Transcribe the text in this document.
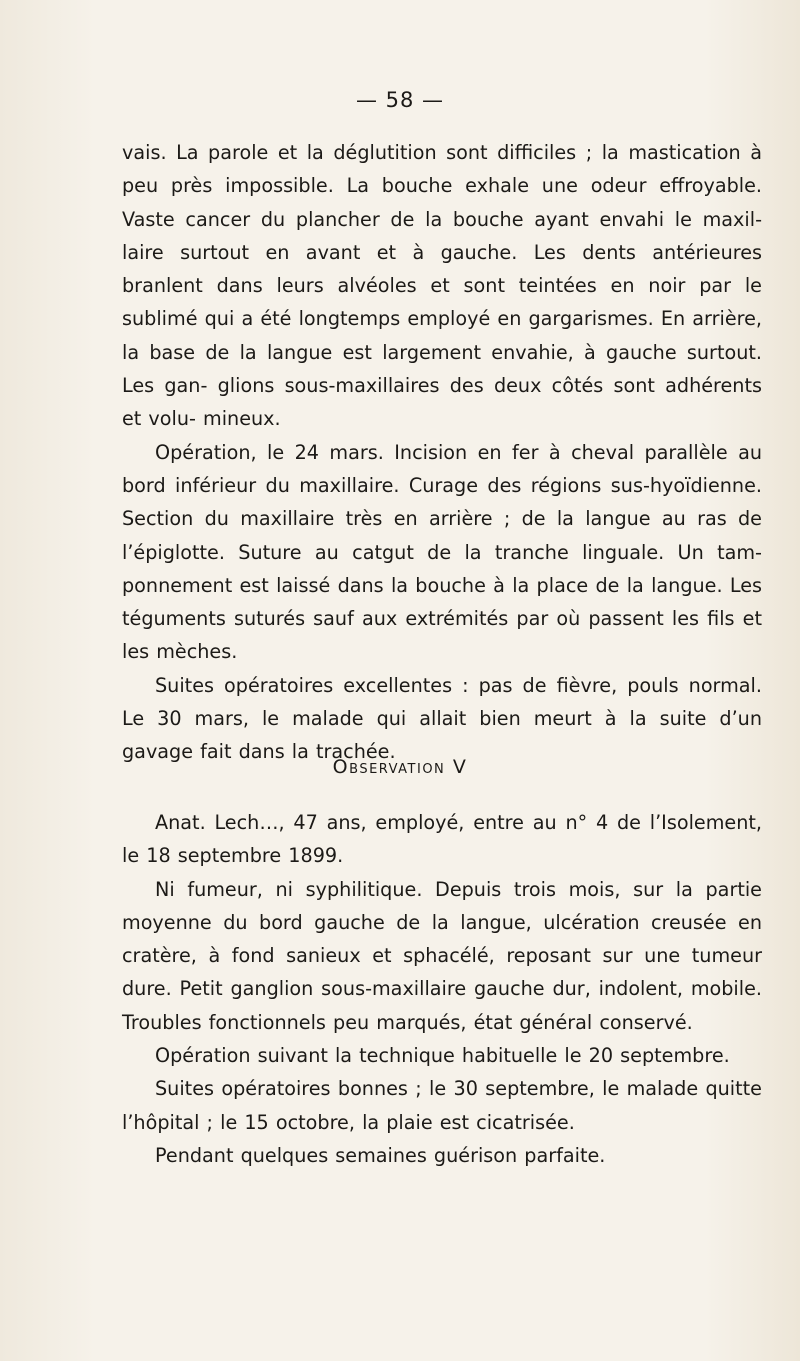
— 58 —

vais. La parole et la déglutition sont difficiles ; la mastication à peu près impossible. La bouche exhale une odeur effroyable. Vaste cancer du plancher de la bouche ayant envahi le maxil- laire surtout en avant et à gauche. Les dents antérieures branlent dans leurs alvéoles et sont teintées en noir par le sublimé qui a été longtemps employé en gargarismes. En arrière, la base de la langue est largement envahie, à gauche surtout. Les gan- glions sous-maxillaires des deux côtés sont adhérents et volu- mineux.

Opération, le 24 mars. Incision en fer à cheval parallèle au bord inférieur du maxillaire. Curage des régions sus-hyoïdienne. Section du maxillaire très en arrière ; de la langue au ras de l’épiglotte. Suture au catgut de la tranche linguale. Un tam- ponnement est laissé dans la bouche à la place de la langue. Les téguments suturés sauf aux extrémités par où passent les fils et les mèches.

Suites opératoires excellentes : pas de fièvre, pouls normal. Le 30 mars, le malade qui allait bien meurt à la suite d’un gavage fait dans la trachée.

Observation V

Anat. Lech…, 47 ans, employé, entre au n° 4 de l’Isolement, le 18 septembre 1899.

Ni fumeur, ni syphilitique. Depuis trois mois, sur la partie moyenne du bord gauche de la langue, ulcération creusée en cratère, à fond sanieux et sphacélé, reposant sur une tumeur dure. Petit ganglion sous-maxillaire gauche dur, indolent, mobile. Troubles fonctionnels peu marqués, état général conservé.

Opération suivant la technique habituelle le 20 septembre.

Suites opératoires bonnes ; le 30 septembre, le malade quitte l’hôpital ; le 15 octobre, la plaie est cicatrisée.

Pendant quelques semaines guérison parfaite.
